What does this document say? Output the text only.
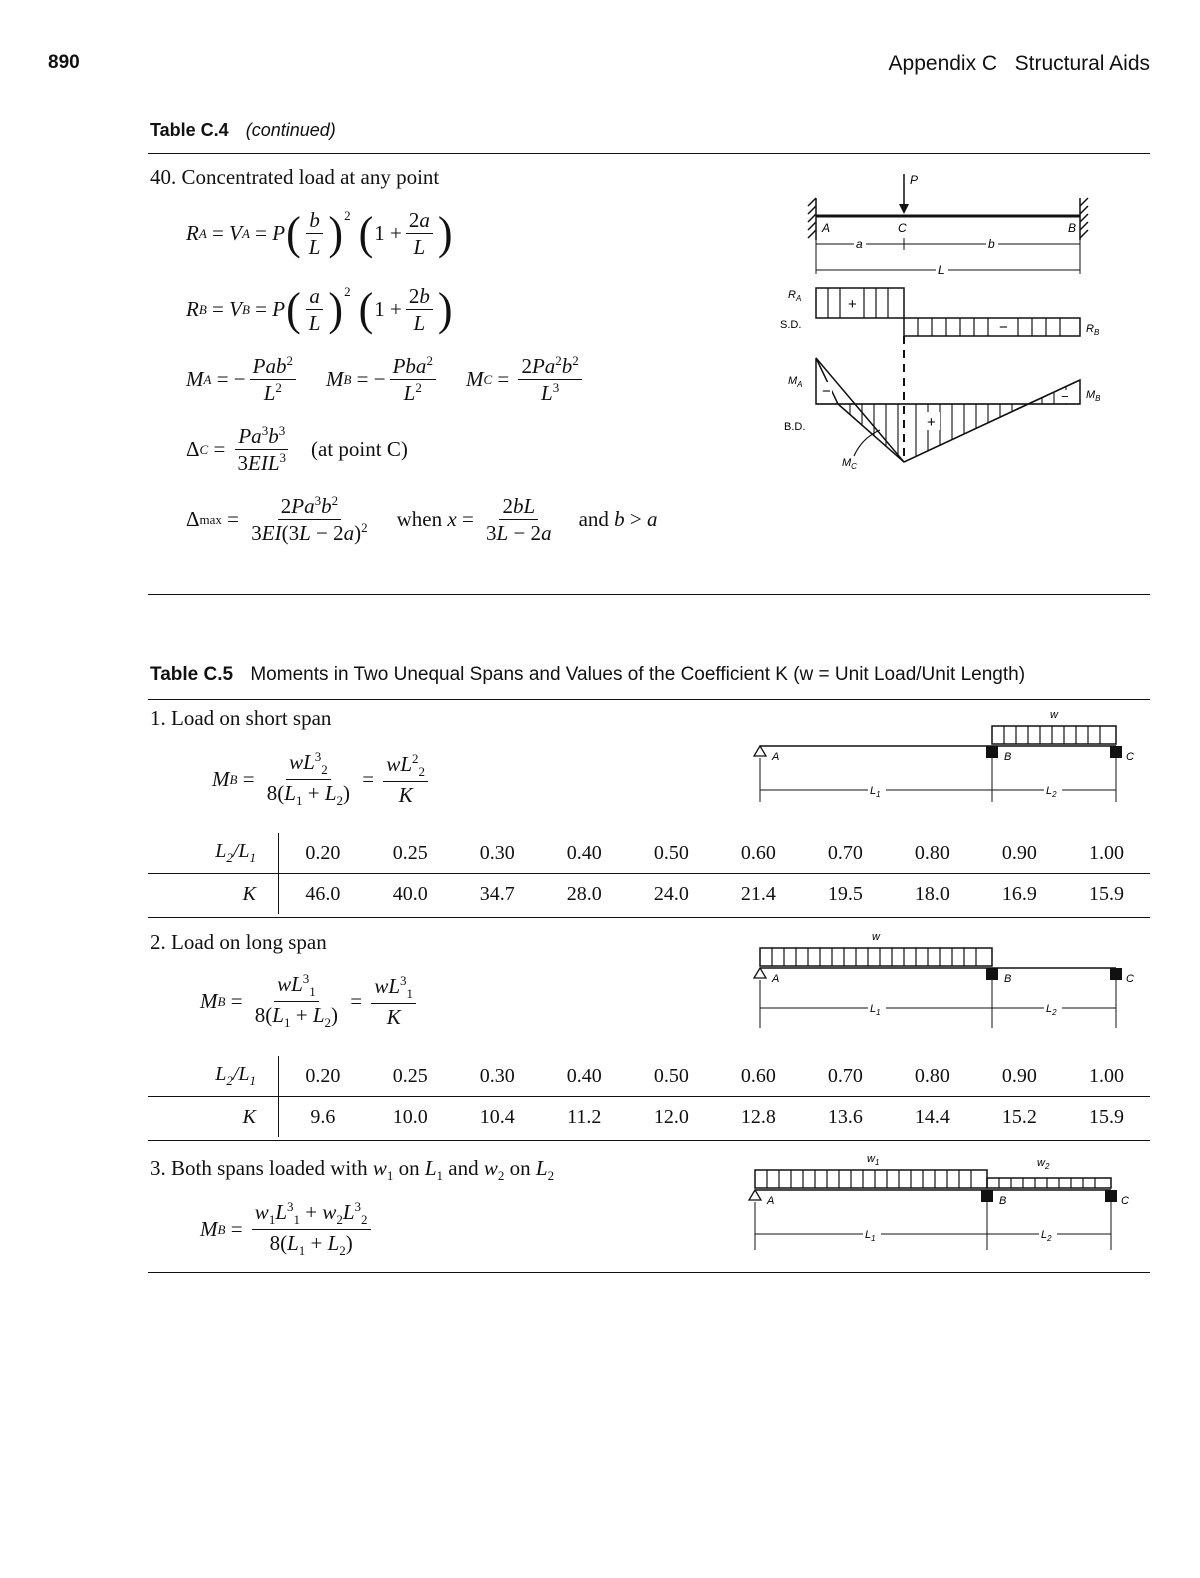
890	Appendix C   Structural Aids
Table C.4 (continued)
40. Concentrated load at any point
R A = V A = P ( $\frac{b}{L} )^2$ ( $1 + \frac{2a}{L}$ )
R B = V B = P ( $\frac{a}{L} )^2$ ( $1 + \frac{2b}{L}$ )
M A = − $\frac{Pab^2}{L^2}$ M B = − $\frac{Pba^2}{L^2}$ M $C = \frac{2Pa^2b^2}{L^3}$
Δ $C = \frac{Pa^3b^3}{3EIL^3} (at$ point C)
Δ $\max = \frac{2Pa^3b^2}{3EI(3L - 2a)^2}$ when
$x = \frac{2bL}{3L - 2a}$ and
b > a
P
A	C	B
a	b
L
+
−
$R_A$
S.D.	$R_B$
−
+
−
$M_A$
B.D.
$M_B$
$M_C$
Table C.5 Moments in Two Unequal Spans and Values of the Coefficient K (w = Unit Load/Unit Length)
1. Load on short span
M $B = \frac{wL^3_2}{8(L_1 + L_2)} = \frac{wL^2_2}{K}$
w
A	B	C
$L_1$	$L_2$
$L_2/L_1$	0.20	0.25	0.30	0.40	0.50	0.60	0.70	0.80	0.90	1.00
K	46.0	40.0	34.7	28.0	24.0	21.4	19.5	18.0	16.9	15.9
2. Load on long span
M $B = \frac{wL^3_1}{8(L_1 + L_2)} = \frac{wL^3_1}{K}$
w
A	B	C
$L_1$	$L_2$
$L_2/L_1$	0.20	0.25	0.30	0.40	0.50	0.60	0.70	0.80	0.90	1.00
K	9.6	10.0	10.4	11.2	12.0	12.8	13.6	14.4	15.2	15.9
3. Both spans loaded with $w_1$ on $L_1$ and $w_2$ on $L_2$
M $B = \frac{w_1L^3_1 + w_2L^3_2}{8(L_1 + L_2)}$
$w_1$	$w_2$
A	B	C
$L_1$	$L_2$
